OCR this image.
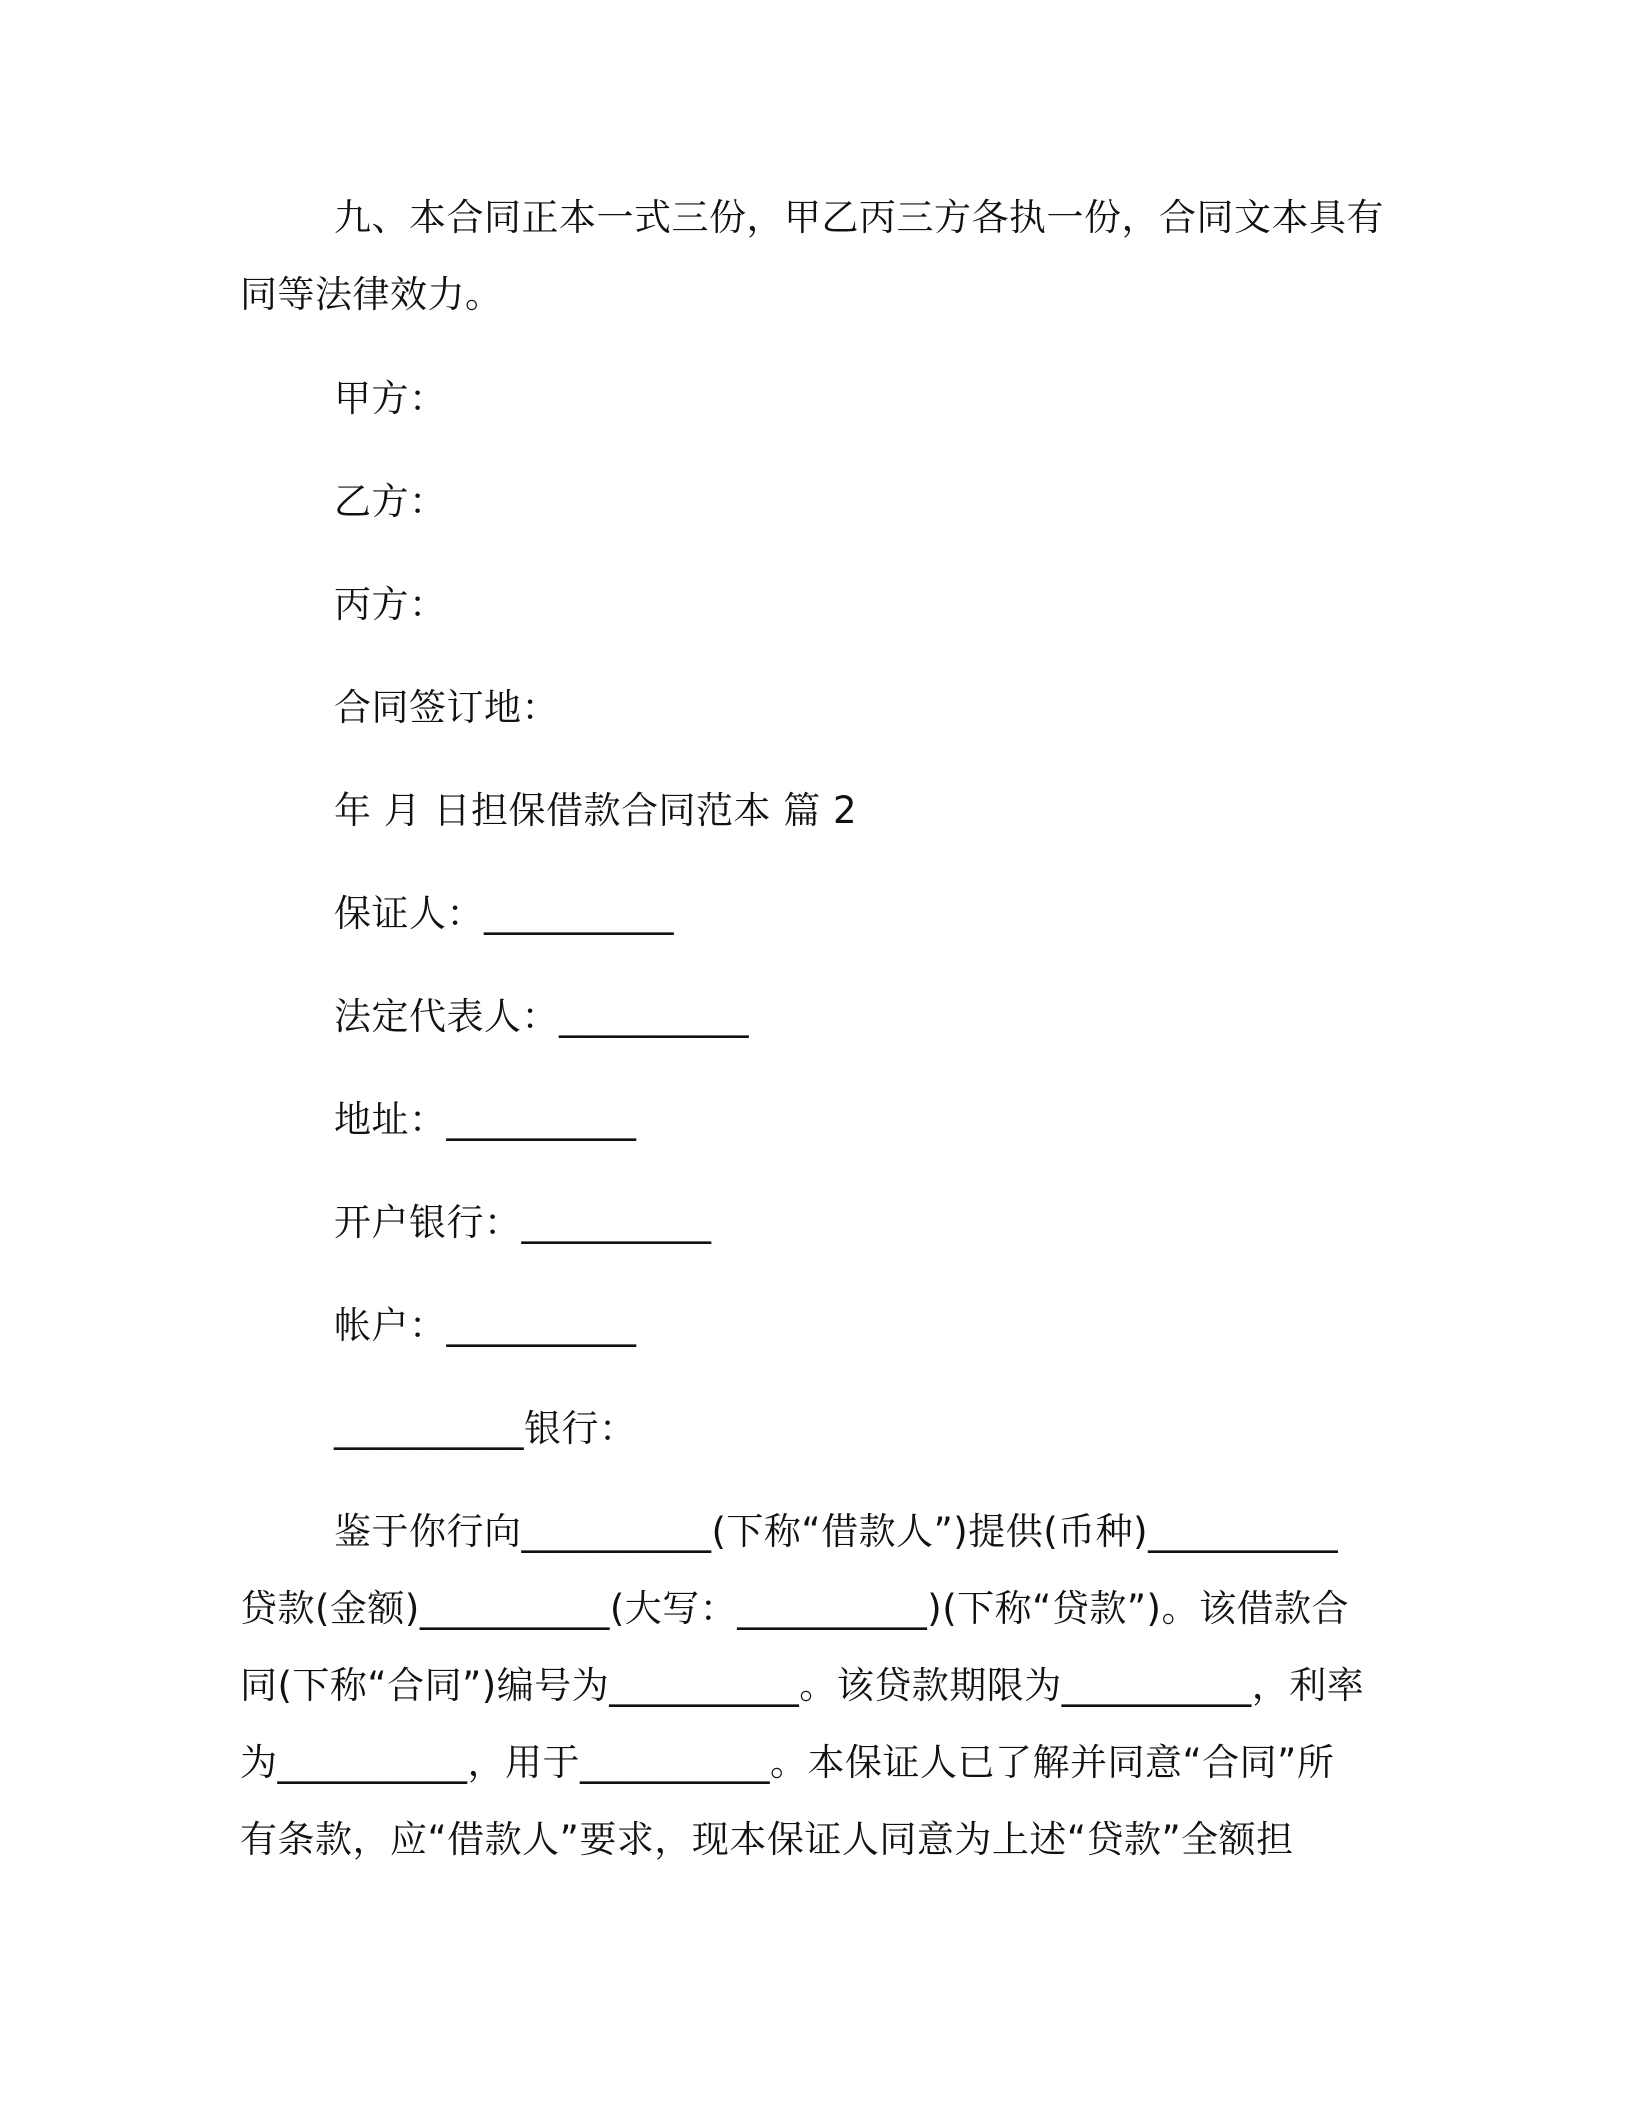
九、本合同正本一式三份，甲乙丙三方各执一份，合同文本具有
同等法律效力。
甲方：
乙方：
丙方：
合同签订地：
年 月 日担保借款合同范本 篇 2
保证人：__________
法定代表人：__________
地址：__________
开户银行：__________
帐户：__________
__________银行：
鉴于你行向__________(下称“借款人”)提供(币种)__________
贷款(金额)__________(大写：__________)(下称“贷款”)。该借款合
同(下称“合同”)编号为__________。该贷款期限为__________，利率
为__________，用于__________。本保证人已了解并同意“合同”所
有条款，应“借款人”要求，现本保证人同意为上述“贷款”全额担
